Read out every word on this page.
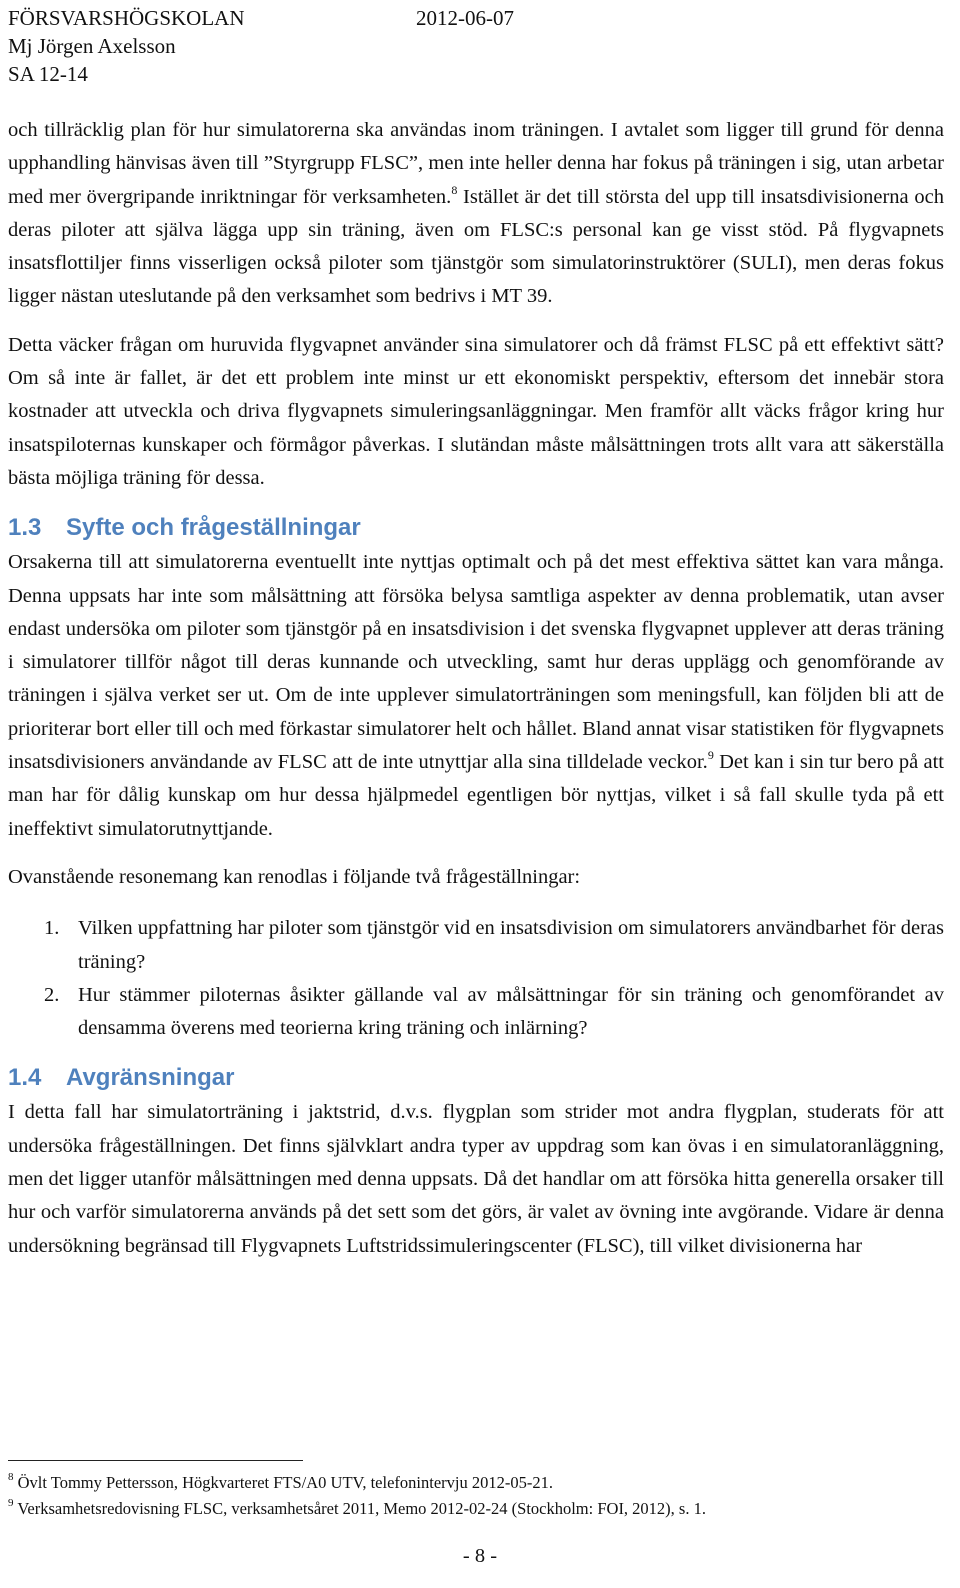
FÖRSVARSHÖGSKOLAN	2012-06-07
Mj Jörgen Axelsson
SA 12-14

och tillräcklig plan för hur simulatorerna ska användas inom träningen. I avtalet som ligger till grund för denna upphandling hänvisas även till ”Styrgrupp FLSC”, men inte heller denna har fokus på träningen i sig, utan arbetar med mer övergripande inriktningar för verksamheten.$^8$ Istället är det till största del upp till insatsdivisionerna och deras piloter att själva lägga upp sin träning, även om FLSC:s personal kan ge visst stöd. På flygvapnets insatsflottiljer finns visserligen också piloter som tjänstgör som simulatorinstruktörer (SULI), men deras fokus ligger nästan uteslutande på den verksamhet som bedrivs i MT 39.

Detta väcker frågan om huruvida flygvapnet använder sina simulatorer och då främst FLSC på ett effektivt sätt? Om så inte är fallet, är det ett problem inte minst ur ett ekonomiskt perspektiv, eftersom det innebär stora kostnader att utveckla och driva flygvapnets simuleringsanläggningar. Men framför allt väcks frågor kring hur insatspiloternas kunskaper och förmågor påverkas. I slutändan måste målsättningen trots allt vara att säkerställa bästa möjliga träning för dessa.

1.3 Syfte och frågeställningar

Orsakerna till att simulatorerna eventuellt inte nyttjas optimalt och på det mest effektiva sättet kan vara många. Denna uppsats har inte som målsättning att försöka belysa samtliga aspekter av denna problematik, utan avser endast undersöka om piloter som tjänstgör på en insatsdivision i det svenska flygvapnet upplever att deras träning i simulatorer tillför något till deras kunnande och utveckling, samt hur deras upplägg och genomförande av träningen i själva verket ser ut. Om de inte upplever simulatorträningen som meningsfull, kan följden bli att de prioriterar bort eller till och med förkastar simulatorer helt och hållet. Bland annat visar statistiken för flygvapnets insatsdivisioners användande av FLSC att de inte utnyttjar alla sina tilldelade veckor.$^9$ Det kan i sin tur bero på att man har för dålig kunskap om hur dessa hjälpmedel egentligen bör nyttjas, vilket i så fall skulle tyda på ett ineffektivt simulatorutnyttjande.

Ovanstående resonemang kan renodlas i följande två frågeställningar:

1. Vilken uppfattning har piloter som tjänstgör vid en insatsdivision om simulatorers användbarhet för deras träning?
2. Hur stämmer piloternas åsikter gällande val av målsättningar för sin träning och genomförandet av densamma överens med teorierna kring träning och inlärning?
1.4 Avgränsningar

I detta fall har simulatorträning i jaktstrid, d.v.s. flygplan som strider mot andra flygplan, studerats för att undersöka frågeställningen. Det finns självklart andra typer av uppdrag som kan övas i en simulatoranläggning, men det ligger utanför målsättningen med denna uppsats. Då det handlar om att försöka hitta generella orsaker till hur och varför simulatorerna används på det sett som det görs, är valet av övning inte avgörande. Vidare är denna undersökning begränsad till Flygvapnets Luftstridssimuleringscenter (FLSC), till vilket divisionerna har

$^8$ Övlt Tommy Pettersson, Högkvarteret FTS/A0 UTV, telefonintervju 2012-05-21.
$^9$ Verksamhetsredovisning FLSC, verksamhetsåret 2011, Memo 2012-02-24 (Stockholm: FOI, 2012), s. 1.
- 8 -
